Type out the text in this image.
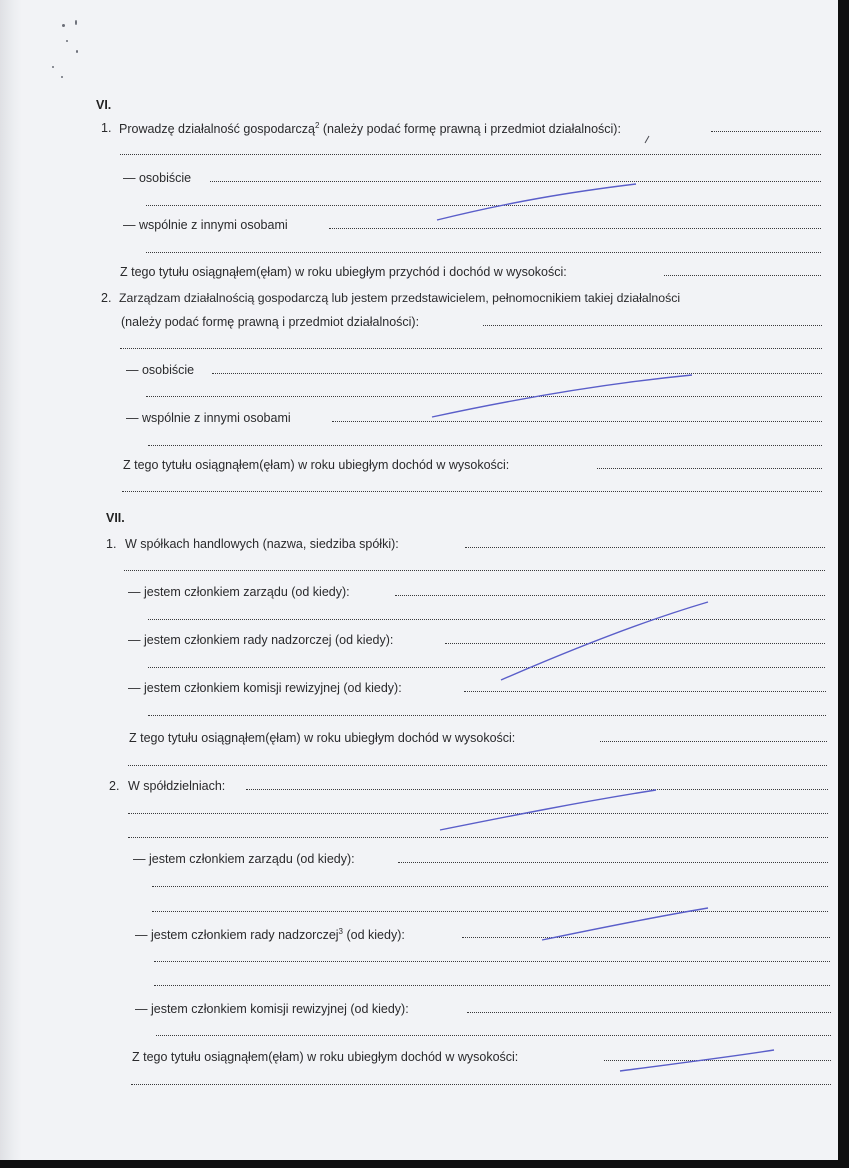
VI.
1. Prowadzę działalność gospodarczą$^2$ (należy podać formę prawną i przedmiot działalności):
— osobiście
— wspólnie z innymi osobami
Z tego tytułu osiągnąłem(ęłam) w roku ubiegłym przychód i dochód w wysokości:
2. Zarządzam działalnością gospodarczą lub jestem przedstawicielem, pełnomocnikiem takiej działalności
(należy podać formę prawną i przedmiot działalności):
— osobiście
— wspólnie z innymi osobami
Z tego tytułu osiągnąłem(ęłam) w roku ubiegłym dochód w wysokości:
VII.
1. W spółkach handlowych (nazwa, siedziba spółki):
— jestem członkiem zarządu (od kiedy):
— jestem członkiem rady nadzorczej (od kiedy):
— jestem członkiem komisji rewizyjnej (od kiedy):
Z tego tytułu osiągnąłem(ęłam) w roku ubiegłym dochód w wysokości:
2. W spółdzielniach:
— jestem członkiem zarządu (od kiedy):
— jestem członkiem rady nadzorczej$^3$ (od kiedy):
— jestem członkiem komisji rewizyjnej (od kiedy):
Z tego tytułu osiągnąłem(ęłam) w roku ubiegłym dochód w wysokości:
